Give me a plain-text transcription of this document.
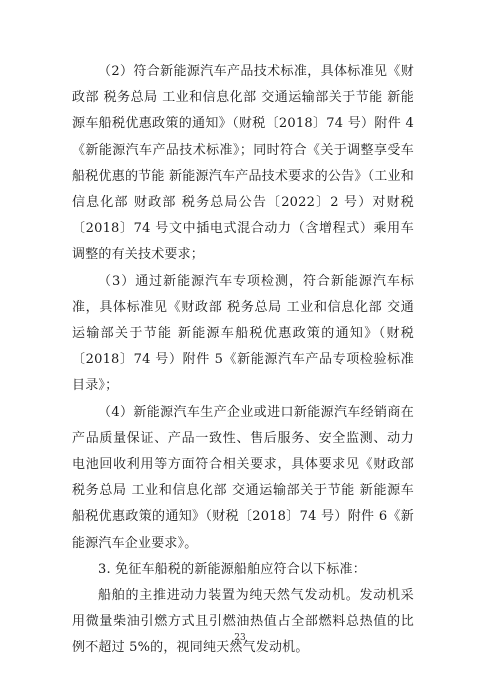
（2）符合新能源汽车产品技术标准，具体标准见《财政部 税务总局 工业和信息化部 交通运输部关于节能 新能源车船税优惠政策的通知》（财税〔2018〕74 号）附件 4《新能源汽车产品技术标准》；同时符合《关于调整享受车船税优惠的节能 新能源汽车产品技术要求的公告》（工业和信息化部 财政部 税务总局公告〔2022〕2 号）对财税〔2018〕74 号文中插电式混合动力（含增程式）乘用车调整的有关技术要求；

（3）通过新能源汽车专项检测，符合新能源汽车标准，具体标准见《财政部 税务总局 工业和信息化部 交通运输部关于节能 新能源车船税优惠政策的通知》（财税〔2018〕74 号）附件 5《新能源汽车产品专项检验标准目录》；

（4）新能源汽车生产企业或进口新能源汽车经销商在产品质量保证、产品一致性、售后服务、安全监测、动力电池回收利用等方面符合相关要求，具体要求见《财政部 税务总局 工业和信息化部 交通运输部关于节能 新能源车船税优惠政策的通知》（财税〔2018〕74 号）附件 6《新能源汽车企业要求》。

3. 免征车船税的新能源船舶应符合以下标准：

船舶的主推进动力装置为纯天然气发动机。发动机采用微量柴油引燃方式且引燃油热值占全部燃料总热值的比例不超过 5%的，视同纯天然气发动机。

23
